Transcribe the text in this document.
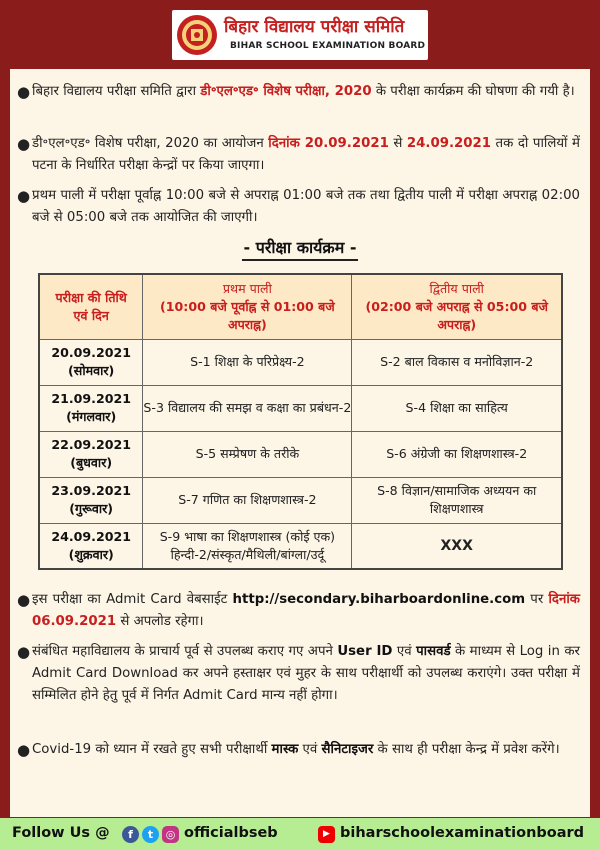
बिहार विद्यालय परीक्षा समिति
BIHAR SCHOOL EXAMINATION BOARD
● बिहार विद्यालय परीक्षा समिति द्वारा डी॰एल॰एड॰ विशेष परीक्षा, 2020 के परीक्षा कार्यक्रम की घोषणा की गयी है।
● डी॰एल॰एड॰ विशेष परीक्षा, 2020 का आयोजन दिनांक 20.09.2021 से 24.09.2021 तक दो पालियों में पटना के निर्धारित परीक्षा केन्द्रों पर किया जाएगा।
● प्रथम पाली में परीक्षा पूर्वाह्न 10:00 बजे से अपराह्न 01:00 बजे तक तथा द्वितीय पाली में परीक्षा अपराह्न 02:00 बजे से 05:00 बजे तक आयोजित की जाएगी।
- परीक्षा कार्यक्रम -
परीक्षा की तिथि
एवं दिन	प्रथम पाली
(10:00 बजे पूर्वाह्न से 01:00 बजे अपराह्न)	द्वितीय पाली
(02:00 बजे अपराह्न से 05:00 बजे अपराह्न)
20.09.2021
(सोमवार)	S-1 शिक्षा के परिप्रेक्ष्य-2	S-2 बाल विकास व मनोविज्ञान-2
21.09.2021
(मंगलवार)	S-3 विद्यालय की समझ व कक्षा का प्रबंधन-2	S-4 शिक्षा का साहित्य
22.09.2021
(बुधवार)	S-5 सम्प्रेषण के तरीके	S-6 अंग्रेजी का शिक्षणशास्त्र-2
23.09.2021
(गुरूवार)	S-7 गणित का शिक्षणशास्त्र-2	S-8 विज्ञान/सामाजिक अध्ययन का शिक्षणशास्त्र
24.09.2021
(शुक्रवार)	S-9 भाषा का शिक्षणशास्त्र (कोई एक) हिन्दी-2/संस्कृत/मैथिली/बांग्ला/उर्दू	XXX
● इस परीक्षा का Admit Card वेबसाईट http://secondary.biharboardonline.com पर दिनांक 06.09.2021 से अपलोड रहेगा।
● संबंधित महाविद्यालय के प्राचार्य पूर्व से उपलब्ध कराए गए अपने User ID एवं पासवर्ड के माध्यम से Log in कर Admit Card Download कर अपने हस्ताक्षर एवं मुहर के साथ परीक्षार्थी को उपलब्ध कराएंगे। उक्त परीक्षा में सम्मिलित होने हेतु पूर्व में निर्गत Admit Card मान्य नहीं होगा।
● Covid-19 को ध्यान में रखते हुए सभी परीक्षार्थी मास्क एवं सैनिटाइजर के साथ ही परीक्षा केन्द्र में प्रवेश करेंगे।
Follow Us @	f	t	◎ officialbseb	▶ biharschoolexaminationboard
